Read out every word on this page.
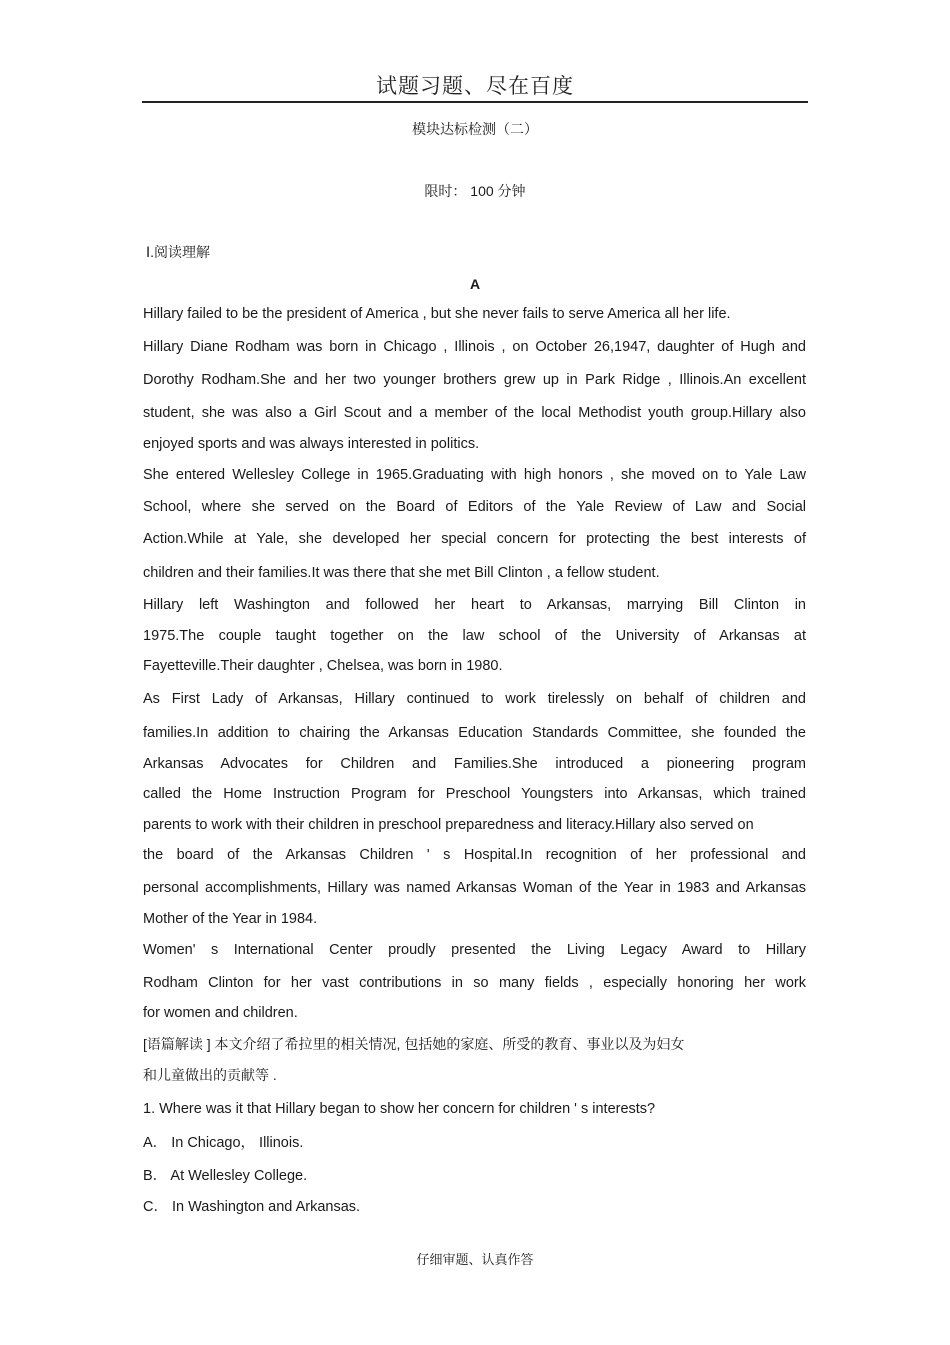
试题习题、尽在百度
模块达标检测（二）
限时： 100 分钟
Ⅰ.阅读理解
A
Hillary failed to be the president of America , but she never fails to serve America all her life.
Hillary Diane Rodham was born in Chicago , Illinois , on October 26,1947, daughter of Hugh and
Dorothy Rodham.She and her two younger brothers grew up in Park Ridge , Illinois.An excellent
student, she was also a Girl Scout and a member of the local Methodist youth group.Hillary also
enjoyed sports and was always interested in politics.
She entered Wellesley College in 1965.Graduating with high honors , she moved on to Yale Law
School, where she served on the Board of Editors of the Yale Review of Law and Social
Action.While at Yale, she developed her special concern for protecting the best interests of
children and their families.It was there that she met Bill Clinton , a fellow student.
Hillary left Washington and followed her heart to Arkansas, marrying Bill Clinton in
1975.The couple taught together on the law school of the University of Arkansas at
Fayetteville.Their daughter , Chelsea, was born in 1980.
As First Lady of Arkansas, Hillary continued to work tirelessly on behalf of children and
families.In addition to chairing the Arkansas Education Standards Committee, she founded the
Arkansas Advocates for Children and Families.She introduced a pioneering program
called the Home Instruction Program for Preschool Youngsters into Arkansas, which trained
parents to work with their children in preschool preparedness and literacy.Hillary also served on
the board of the Arkansas Children ' s Hospital.In recognition of her professional and
personal accomplishments, Hillary was named Arkansas Woman of the Year in 1983 and Arkansas
Mother of the Year in 1984.
Women' s International Center proudly presented the Living Legacy Award to Hillary
Rodham Clinton for her vast contributions in so many fields , especially honoring her work
for women and children.
[语篇解读 ] 本文介绍了希拉里的相关情况, 包括她的家庭、所受的教育、事业以及为妇女
和儿童做出的贡献等 .
1. Where was it that Hillary began to show her concern for children ' s interests?
A． In Chicago， Illinois.
B． At Wellesley College.
C． In Washington and Arkansas.
仔细审题、认真作答
